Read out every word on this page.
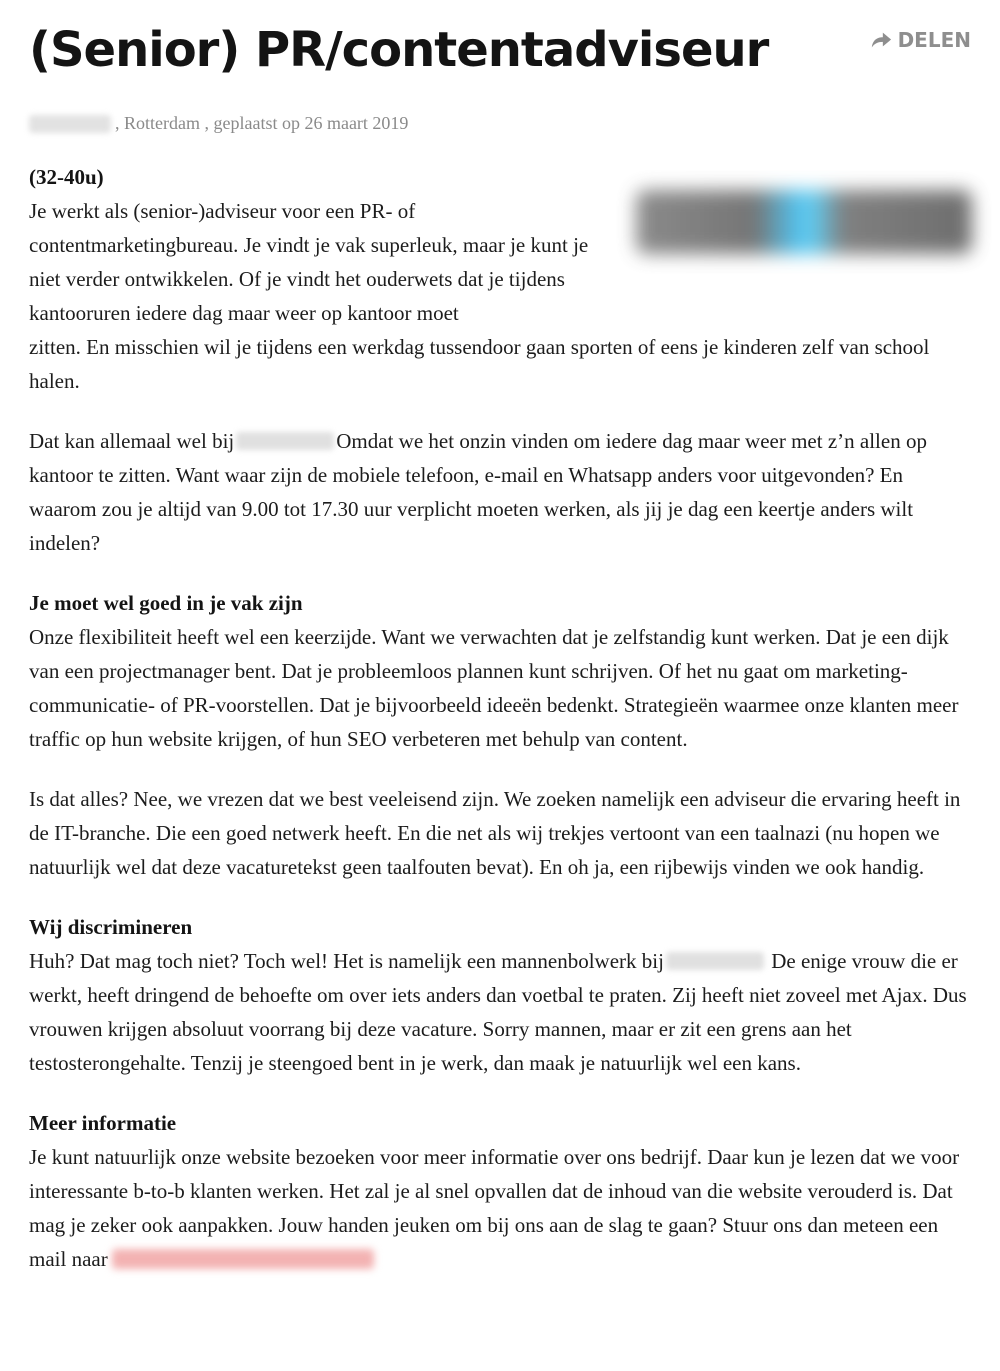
(Senior) PR/contentadviseur	DELEN
, Rotterdam , geplaatst op 26 maart 2019
(32-40u)
Je werkt als (senior-)adviseur voor een PR- of contentmarketingbureau. Je vindt je vak superleuk, maar je kunt je niet verder ontwikkelen. Of je vindt het ouderwets dat je tijdens kantooruren iedere dag maar weer op kantoor moet
zitten. En misschien wil je tijdens een werkdag tussendoor gaan sporten of eens je kinderen zelf van school halen.

Dat kan allemaal wel bij	Omdat we het onzin vinden om iedere dag maar weer met z’n allen op kantoor te zitten. Want waar zijn de mobiele telefoon, e-mail en Whatsapp anders voor uitgevonden? En waarom zou je altijd van 9.00 tot 17.30 uur verplicht moeten werken, als jij je dag een keertje anders wilt indelen?

Je moet wel goed in je vak zijn

Onze flexibiliteit heeft wel een keerzijde. Want we verwachten dat je zelfstandig kunt werken. Dat je een dijk van een projectmanager bent. Dat je probleemloos plannen kunt schrijven. Of het nu gaat om marketing-communicatie- of PR-voorstellen. Dat je bijvoorbeeld ideeën bedenkt. Strategieën waarmee onze klanten meer traffic op hun website krijgen, of hun SEO verbeteren met behulp van content.

Is dat alles? Nee, we vrezen dat we best veeleisend zijn. We zoeken namelijk een adviseur die ervaring heeft in de IT-branche. Die een goed netwerk heeft. En die net als wij trekjes vertoont van een taalnazi (nu hopen we natuurlijk wel dat deze vacaturetekst geen taalfouten bevat). En oh ja, een rijbewijs vinden we ook handig.

Wij discrimineren

Huh? Dat mag toch niet? Toch wel! Het is namelijk een mannenbolwerk bij	De enige vrouw die er werkt, heeft dringend de behoefte om over iets anders dan voetbal te praten. Zij heeft niet zoveel met Ajax. Dus vrouwen krijgen absoluut voorrang bij deze vacature. Sorry mannen, maar er zit een grens aan het testosterongehalte. Tenzij je steengoed bent in je werk, dan maak je natuurlijk wel een kans.

Meer informatie

Je kunt natuurlijk onze website bezoeken voor meer informatie over ons bedrijf. Daar kun je lezen dat we voor interessante b-to-b klanten werken. Het zal je al snel opvallen dat de inhoud van die website verouderd is. Dat mag je zeker ook aanpakken. Jouw handen jeuken om bij ons aan de slag te gaan? Stuur ons dan meteen een mail naar
